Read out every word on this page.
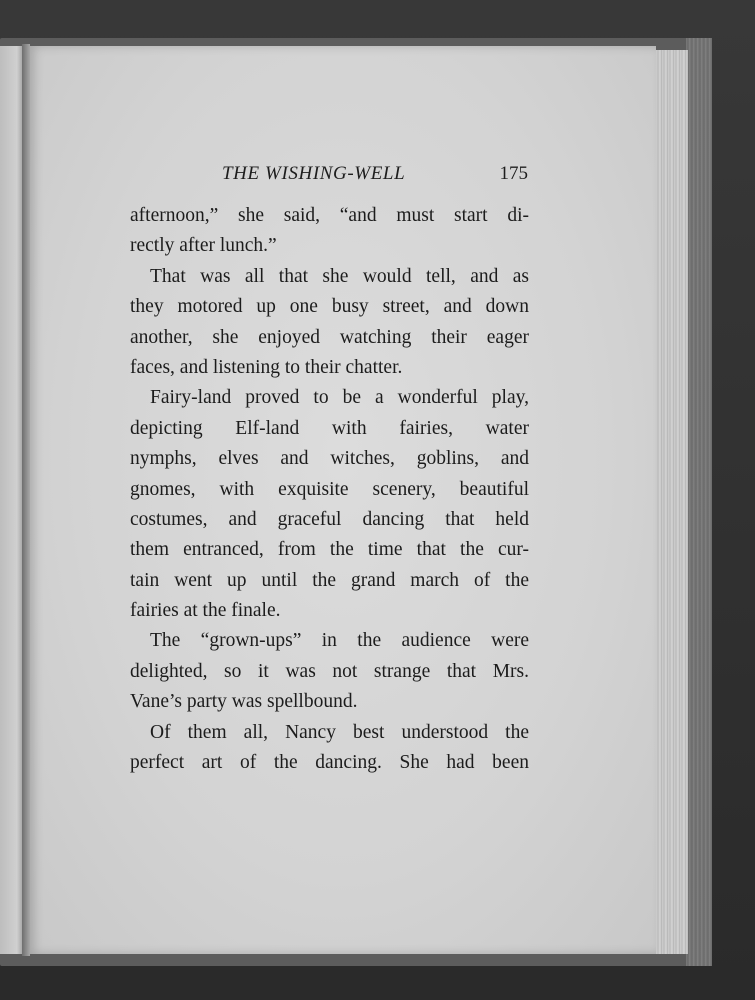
THE WISHING-WELL	175
afternoon,” she said, “and must start di-
rectly after lunch.”
That was all that she would tell, and as
they motored up one busy street, and down
another, she enjoyed watching their eager
faces, and listening to their chatter.
Fairy-land proved to be a wonderful play,
depicting Elf-land with fairies, water
nymphs, elves and witches, goblins, and
gnomes, with exquisite scenery, beautiful
costumes, and graceful dancing that held
them entranced, from the time that the cur-
tain went up until the grand march of the
fairies at the finale.
The “grown-ups” in the audience were
delighted, so it was not strange that Mrs.
Vane’s party was spellbound.
Of them all, Nancy best understood the
perfect art of the dancing. She had been
